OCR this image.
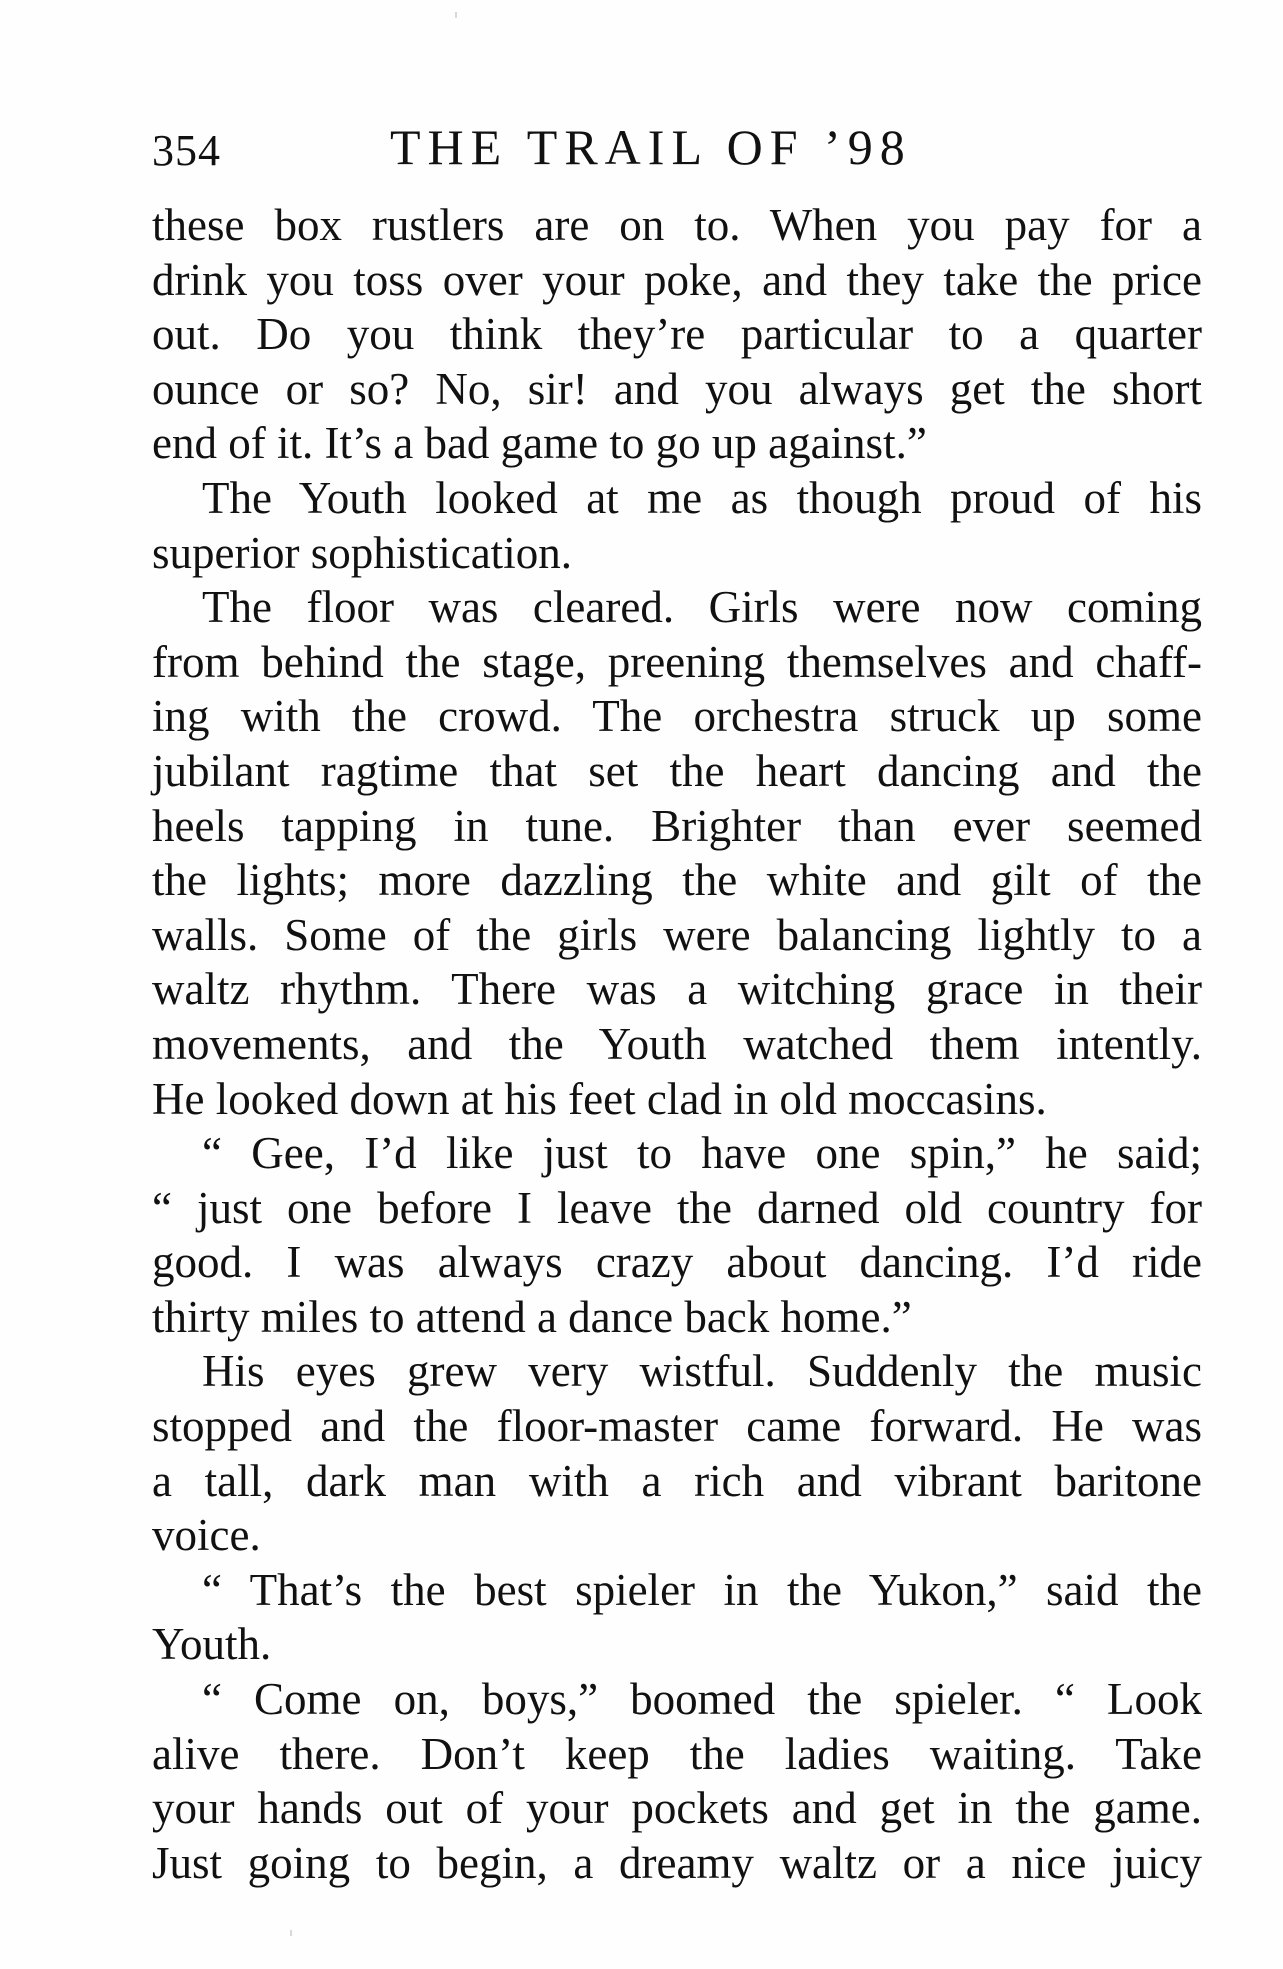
354	THE TRAIL OF ’98
these box rustlers are on to. When you pay for a
drink you toss over your poke, and they take the price
out. Do you think they’re particular to a quarter
ounce or so? No, sir! and you always get the short
end of it. It’s a bad game to go up against.”
The Youth looked at me as though proud of his
superior sophistication.
The floor was cleared. Girls were now coming
from behind the stage, preening themselves and chaff-
ing with the crowd. The orchestra struck up some
jubilant ragtime that set the heart dancing and the
heels tapping in tune. Brighter than ever seemed
the lights; more dazzling the white and gilt of the
walls. Some of the girls were balancing lightly to a
waltz rhythm. There was a witching grace in their
movements, and the Youth watched them intently.
He looked down at his feet clad in old moccasins.
“ Gee, I’d like just to have one spin,” he said;
“ just one before I leave the darned old country for
good. I was always crazy about dancing. I’d ride
thirty miles to attend a dance back home.”
His eyes grew very wistful. Suddenly the music
stopped and the floor-master came forward. He was
a tall, dark man with a rich and vibrant baritone
voice.
“ That’s the best spieler in the Yukon,” said the
Youth.
“ Come on, boys,” boomed the spieler. “ Look
alive there. Don’t keep the ladies waiting. Take
your hands out of your pockets and get in the game.
Just going to begin, a dreamy waltz or a nice juicy
